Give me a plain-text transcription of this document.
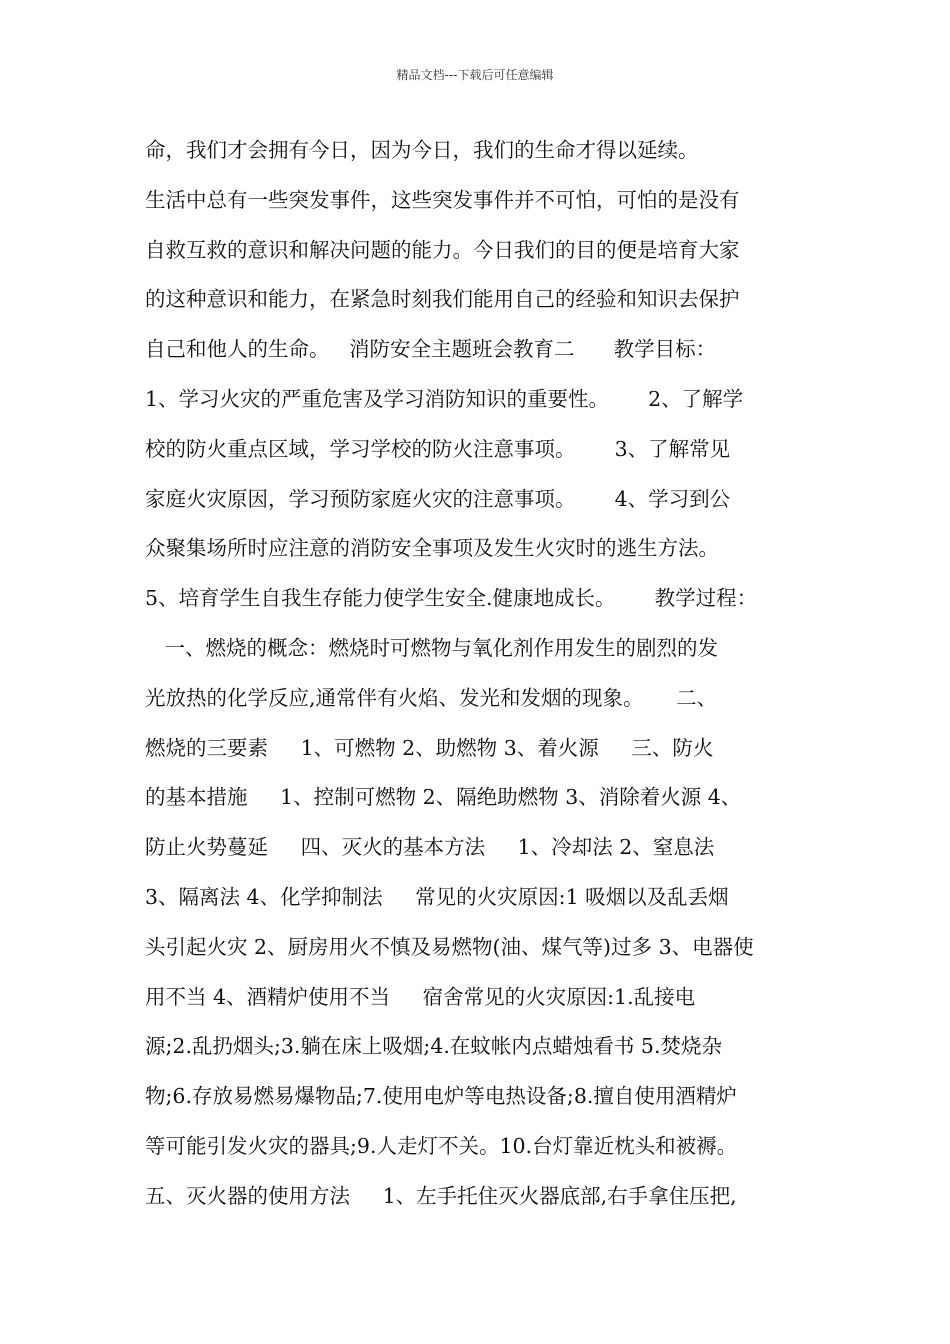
精品文档---下载后可任意编辑
命，我们才会拥有今日，因为今日，我们的生命才得以延续。
生活中总有一些突发事件，这些突发事件并不可怕，可怕的是没有
自救互救的意识和解决问题的能力。今日我们的目的便是培育大家
的这种意识和能力，在紧急时刻我们能用自己的经验和知识去保护
自己和他人的生命。   消防安全主题班会教育二      教学目标：
1、学习火灾的严重危害及学习消防知识的重要性。      2、了解学
校的防火重点区域，学习学校的防火注意事项。      3、了解常见
家庭火灾原因，学习预防家庭火灾的注意事项。      4、学习到公
众聚集场所时应注意的消防安全事项及发生火灾时的逃生方法。
5、培育学生自我生存能力使学生安全.健康地成长。      教学过程：
一、燃烧的概念：燃烧时可燃物与氧化剂作用发生的剧烈的发
光放热的化学反应,通常伴有火焰、发光和发烟的现象。     二、
燃烧的三要素     1、可燃物 2、助燃物 3、着火源     三、防火
的基本措施     1、控制可燃物 2、隔绝助燃物 3、消除着火源 4、
防止火势蔓延     四、灭火的基本方法     1、冷却法 2、窒息法
3、隔离法 4、化学抑制法     常见的火灾原因:1 吸烟以及乱丢烟
头引起火灾 2、厨房用火不慎及易燃物(油、煤气等)过多 3、电器使
用不当 4、酒精炉使用不当     宿舍常见的火灾原因:1.乱接电
源;2.乱扔烟头;3.躺在床上吸烟;4.在蚊帐内点蜡烛看书 5.焚烧杂
物;6.存放易燃易爆物品;7.使用电炉等电热设备;8.擅自使用酒精炉
等可能引发火灾的器具;9.人走灯不关。10.台灯靠近枕头和被褥。
五、灭火器的使用方法     1、左手托住灭火器底部,右手拿住压把,
